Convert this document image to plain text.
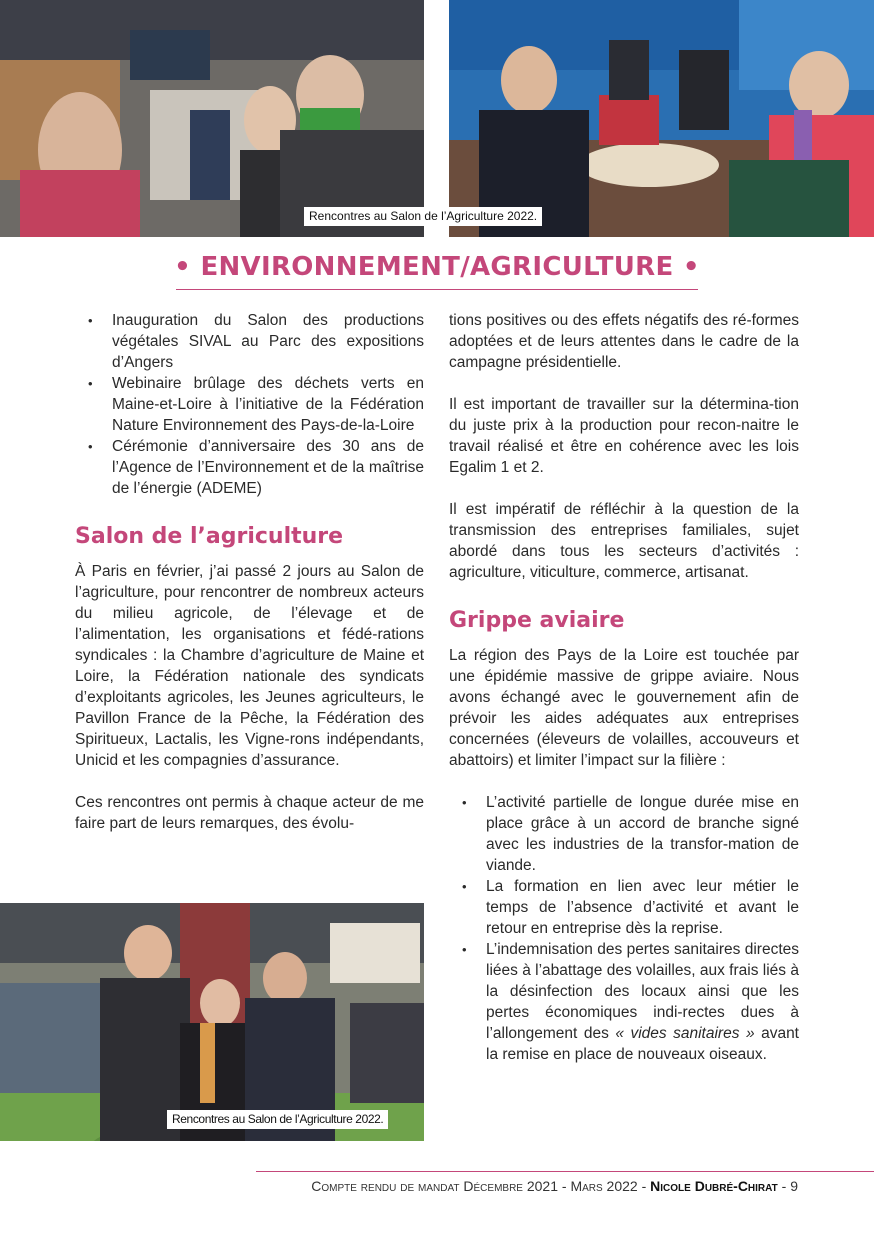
Rencontres au Salon de l’Agriculture 2022.
• ENVIRONNEMENT/AGRICULTURE •
• Inauguration du Salon des productions végétales SIVAL au Parc des expositions d’Angers
• Webinaire brûlage des déchets verts en Maine-et-Loire à l’initiative de la Fédération Nature Environnement des Pays-de-la-Loire
• Cérémonie d’anniversaire des 30 ans de l’Agence de l’Environnement et de la maîtrise de l’énergie (ADEME)
Salon de l’agriculture

À Paris en février, j’ai passé 2 jours au Salon de l’agriculture, pour rencontrer de nombreux acteurs du milieu agricole, de l’élevage et de l’alimentation, les organisations et fédé-rations syndicales : la Chambre d’agriculture de Maine et Loire, la Fédération nationale des syndicats d’exploitants agricoles, les Jeunes agriculteurs, le Pavillon France de la Pêche, la Fédération des Spiritueux, Lactalis, les Vigne-rons indépendants, Unicid et les compagnies d’assurance.

Ces rencontres ont permis à chaque acteur de me faire part de leurs remarques, des évolu-

Rencontres au Salon de l’Agriculture 2022.

tions positives ou des effets négatifs des ré-formes adoptées et de leurs attentes dans le cadre de la campagne présidentielle.

Il est important de travailler sur la détermina-tion du juste prix à la production pour recon-naitre le travail réalisé et être en cohérence avec les lois Egalim 1 et 2.

Il est impératif de réfléchir à la question de la transmission des entreprises familiales, sujet abordé dans tous les secteurs d’activités : agriculture, viticulture, commerce, artisanat.

Grippe aviaire

La région des Pays de la Loire est touchée par une épidémie massive de grippe aviaire. Nous avons échangé avec le gouvernement afin de prévoir les aides adéquates aux entreprises concernées (éleveurs de volailles, accouveurs et abattoirs) et limiter l’impact sur la filière :

• L’activité partielle de longue durée mise en place grâce à un accord de branche signé avec les industries de la transfor-mation de viande.
• La formation en lien avec leur métier le temps de l’absence d’activité et avant le retour en entreprise dès la reprise.
• L’indemnisation des pertes sanitaires directes liées à l’abattage des volailles, aux frais liés à la désinfection des locaux ainsi que les pertes économiques indi-rectes dues à l’allongement des « vides sanitaires » avant la remise en place de nouveaux oiseaux.
Compte rendu de mandat Décembre 2021 - Mars 2022 - Nicole Dubré-Chirat - 9
